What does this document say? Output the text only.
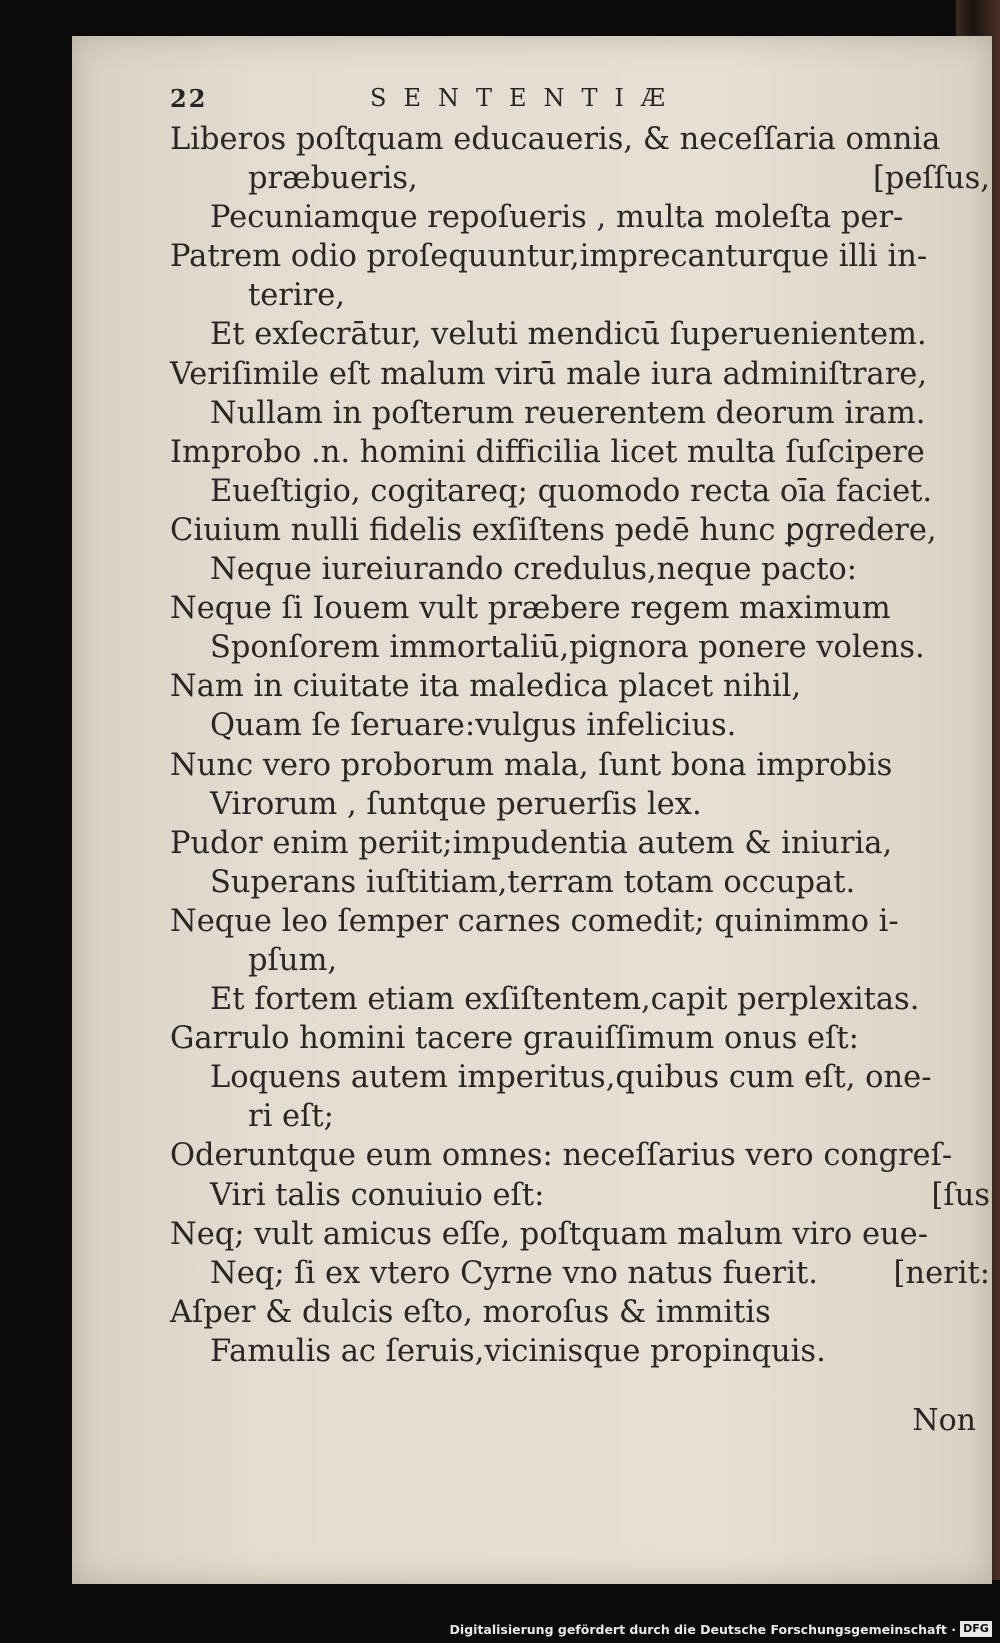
22	SENTENTIÆ
Liberos poſtquam educaueris, & neceſſaria omnia
præbueris,	[peſſus,
Pecuniamque repoſueris , multa moleſta per-
Patrem odio proſequuntur,imprecanturque illi in-
terire,
Et exſecrātur, veluti mendicū ſuperuenientem.
Veriſimile eſt malum virū male iura adminiſtrare,
Nullam in poſterum reuerentem deorum iram.
Improbo .n. homini difficilia licet multa ſuſcipere
Eueſtigio, cogitareq; quomodo recta oīa faciet.
Ciuium nulli fidelis exſiſtens pedē hunc ꝑgredere,
Neque iureiurando credulus,neque pacto:
Neque ſi Iouem vult præbere regem maximum
Sponſorem immortaliū,pignora ponere volens.
Nam in ciuitate ita maledica placet nihil,
Quam ſe ſeruare:vulgus infelicius.
Nunc vero proborum mala, ſunt bona improbis
Virorum , ſuntque peruerſis lex.
Pudor enim periit;impudentia autem & iniuria,
Superans iuſtitiam,terram totam occupat.
Neque leo ſemper carnes comedit; quinimmo i-
pſum,
Et fortem etiam exſiſtentem,capit perplexitas.
Garrulo homini tacere grauiſſimum onus eſt:
Loquens autem imperitus,quibus cum eſt, one-
ri eſt;
Oderuntque eum omnes: neceſſarius vero congreſ-
Viri talis conuiuio eſt:	[ſus
Neq; vult amicus eſſe, poſtquam malum viro eue-
Neq; ſi ex vtero Cyrne vno natus fuerit. [nerit:
Aſper & dulcis eſto, moroſus & immitis
Famulis ac ſeruis,vicinisque propinquis.
Non
Digitalisierung gefördert durch die Deutsche Forschungsgemeinschaft · DFG
